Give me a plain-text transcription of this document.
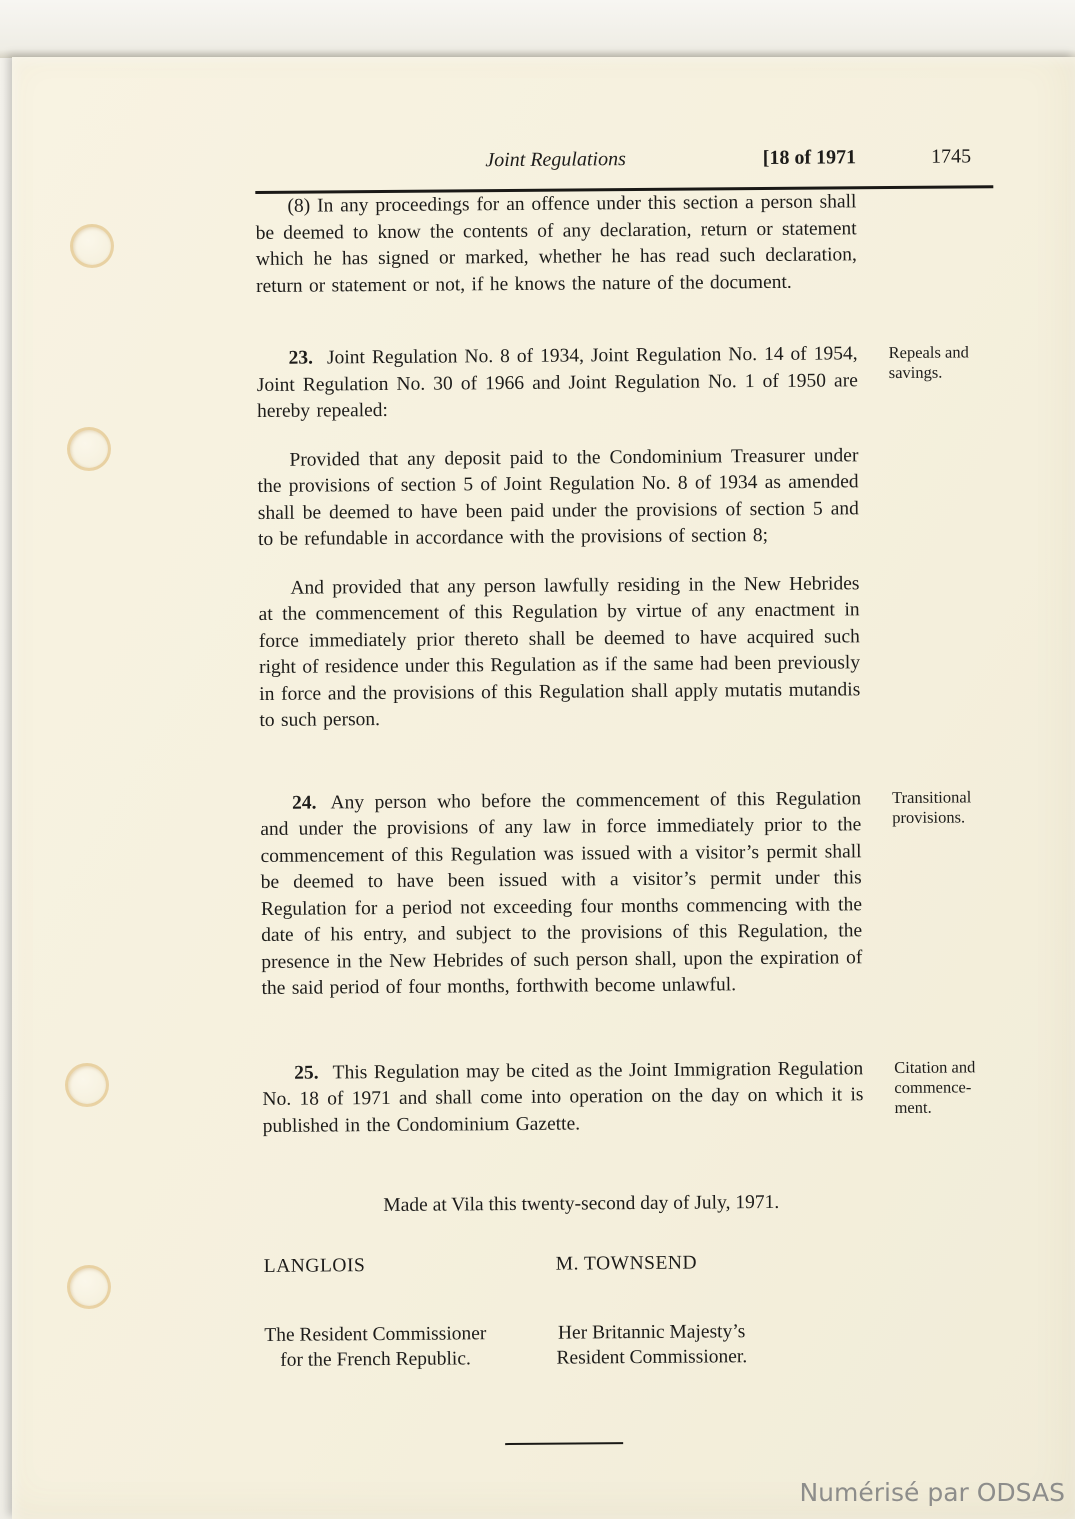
Joint Regulations	[18 of 1971	1745

(8) In any proceedings for an offence under this section a person shall be deemed to know the contents of any declaration, return or statement which he has signed or marked, whether he has read such declaration, return or statement or not, if he knows the nature of the document.

Repeals and
savings.

23. Joint Regulation No. 8 of 1934, Joint Regulation No. 14 of 1954, Joint Regulation No. 30 of 1966 and Joint Regulation No. 1 of 1950 are hereby repealed:

Provided that any deposit paid to the Condominium Treasurer under the provisions of section 5 of Joint Regulation No. 8 of 1934 as amended shall be deemed to have been paid under the provisions of section 5 and to be refundable in accordance with the provisions of section 8;

And provided that any person lawfully residing in the New Hebrides at the commencement of this Regulation by virtue of any enactment in force immediately prior thereto shall be deemed to have acquired such right of residence under this Regulation as if the same had been previously in force and the provisions of this Regulation shall apply mutatis mutandis to such person.

Transitional
provisions.

24. Any person who before the commencement of this Regulation and under the provisions of any law in force immediately prior to the commencement of this Regulation was issued with a visitor’s permit shall be deemed to have been issued with a visitor’s permit under this Regulation for a period not exceeding four months commencing with the date of his entry, and subject to the provisions of this Regulation, the presence in the New Hebrides of such person shall, upon the expiration of the said period of four months, forthwith become unlawful.

Citation and
commence-
ment.

25. This Regulation may be cited as the Joint Immigration Regulation No. 18 of 1971 and shall come into operation on the day on which it is published in the Condominium Gazette.

Made at Vila this twenty-second day of July, 1971.
LANGLOIS
The Resident Commissioner
for the French Republic.
M. TOWNSEND
Her Britannic Majesty’s
Resident Commissioner.
Numérisé par ODSAS
